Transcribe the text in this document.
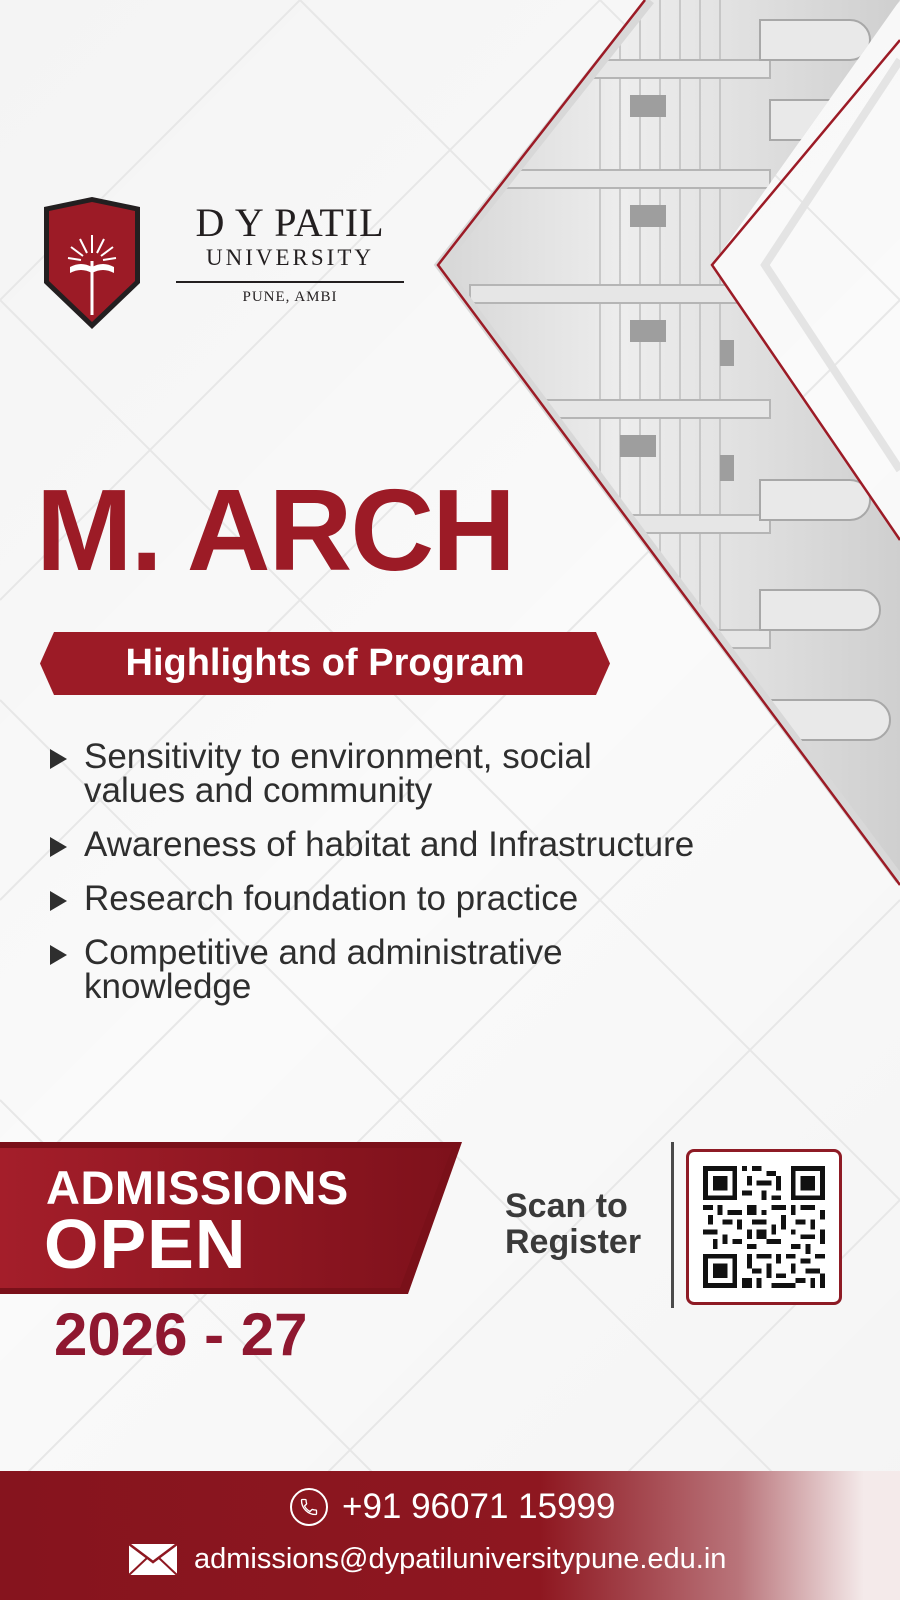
D Y PATIL
UNIVERSITY
PUNE, AMBI
M. ARCH
Highlights of Program
Sensitivity to environment, social values and community
Awareness of habitat and Infrastructure
Research foundation to practice
Competitive and administrative knowledge
ADMISSIONS
OPEN
2026 - 27
Scan to
Register
+91 96071 15999
admissions@dypatiluniversitypune.edu.in
